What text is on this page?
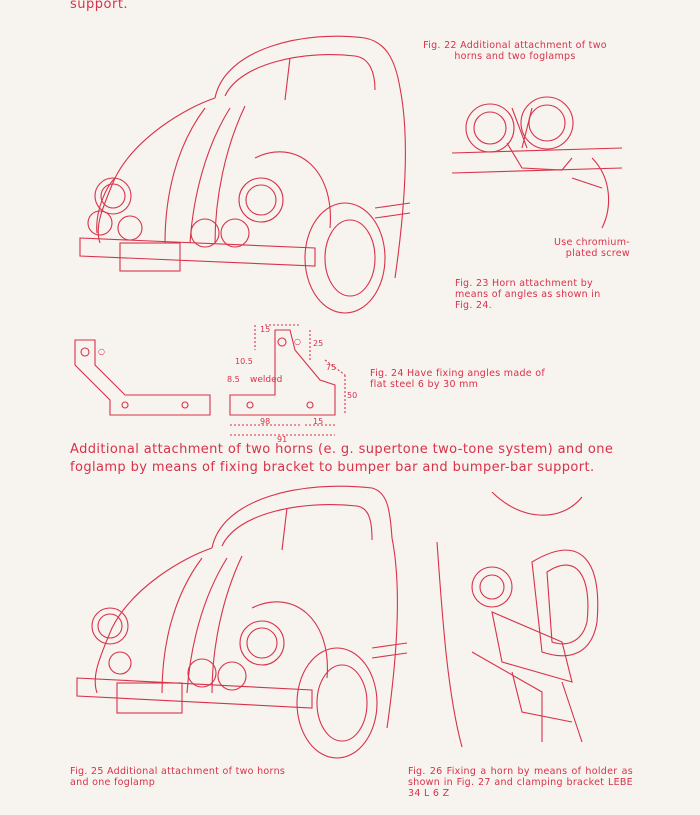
support.
Fig. 22 Additional attachment of two horns and two foglamps
Use chromium-plated screw
Fig. 23 Horn attachment by means of angles as shown in Fig. 24.
10.5
8.5 welded
15
25
75
50
98	15
91
○
○
Fig. 24 Have fixing angles made of flat steel 6 by 30 mm
Additional attachment of two horns (e. g. supertone two-tone system) and one foglamp by means of fixing bracket to bumper bar and bumper-bar support.
Fig. 25 Additional attachment of two horns and one foglamp
Fig. 26 Fixing a horn by means of holder as shown in Fig. 27 and clamping bracket LEBE 34 L 6 Z
